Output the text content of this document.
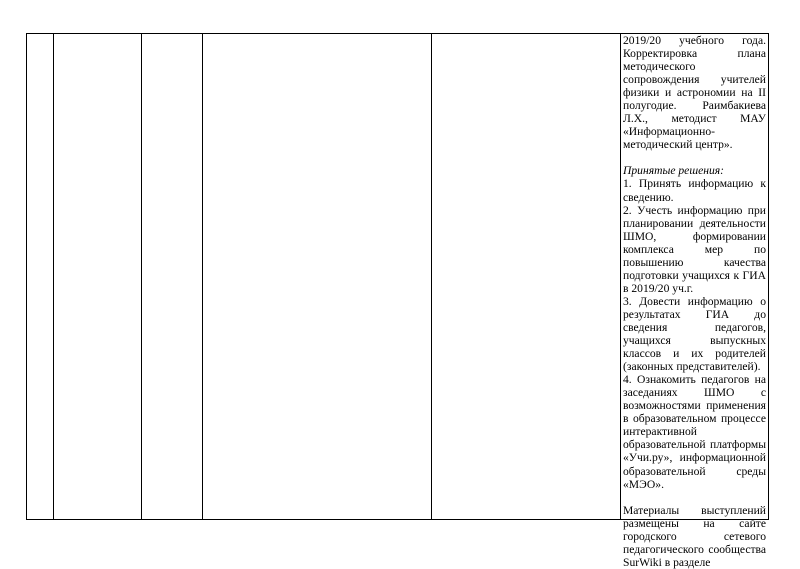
2019/20 учебного года. Корректировка плана методического сопровождения учителей физики и астрономии на II полугодие. Раимбакиева Л.Х., методист МАУ «Информационно-методический центр».

Принятые решения:

1. Принять информацию к сведению.

2. Учесть информацию при планировании деятельности ШМО, формировании комплекса мер по повышению качества подготовки учащихся к ГИА в 2019/20 уч.г.

3. Довести информацию о результатах ГИА до сведения педагогов, учащихся выпускных классов и их родителей (законных представителей).

4. Ознакомить педагогов на заседаниях ШМО с возможностями применения в образовательном процессе интерактивной образовательной платформы «Учи.ру», информационной образовательной среды «МЭО».

Материалы выступлений размещены на сайте городского сетевого педагогического сообщества SurWiki в разделе
